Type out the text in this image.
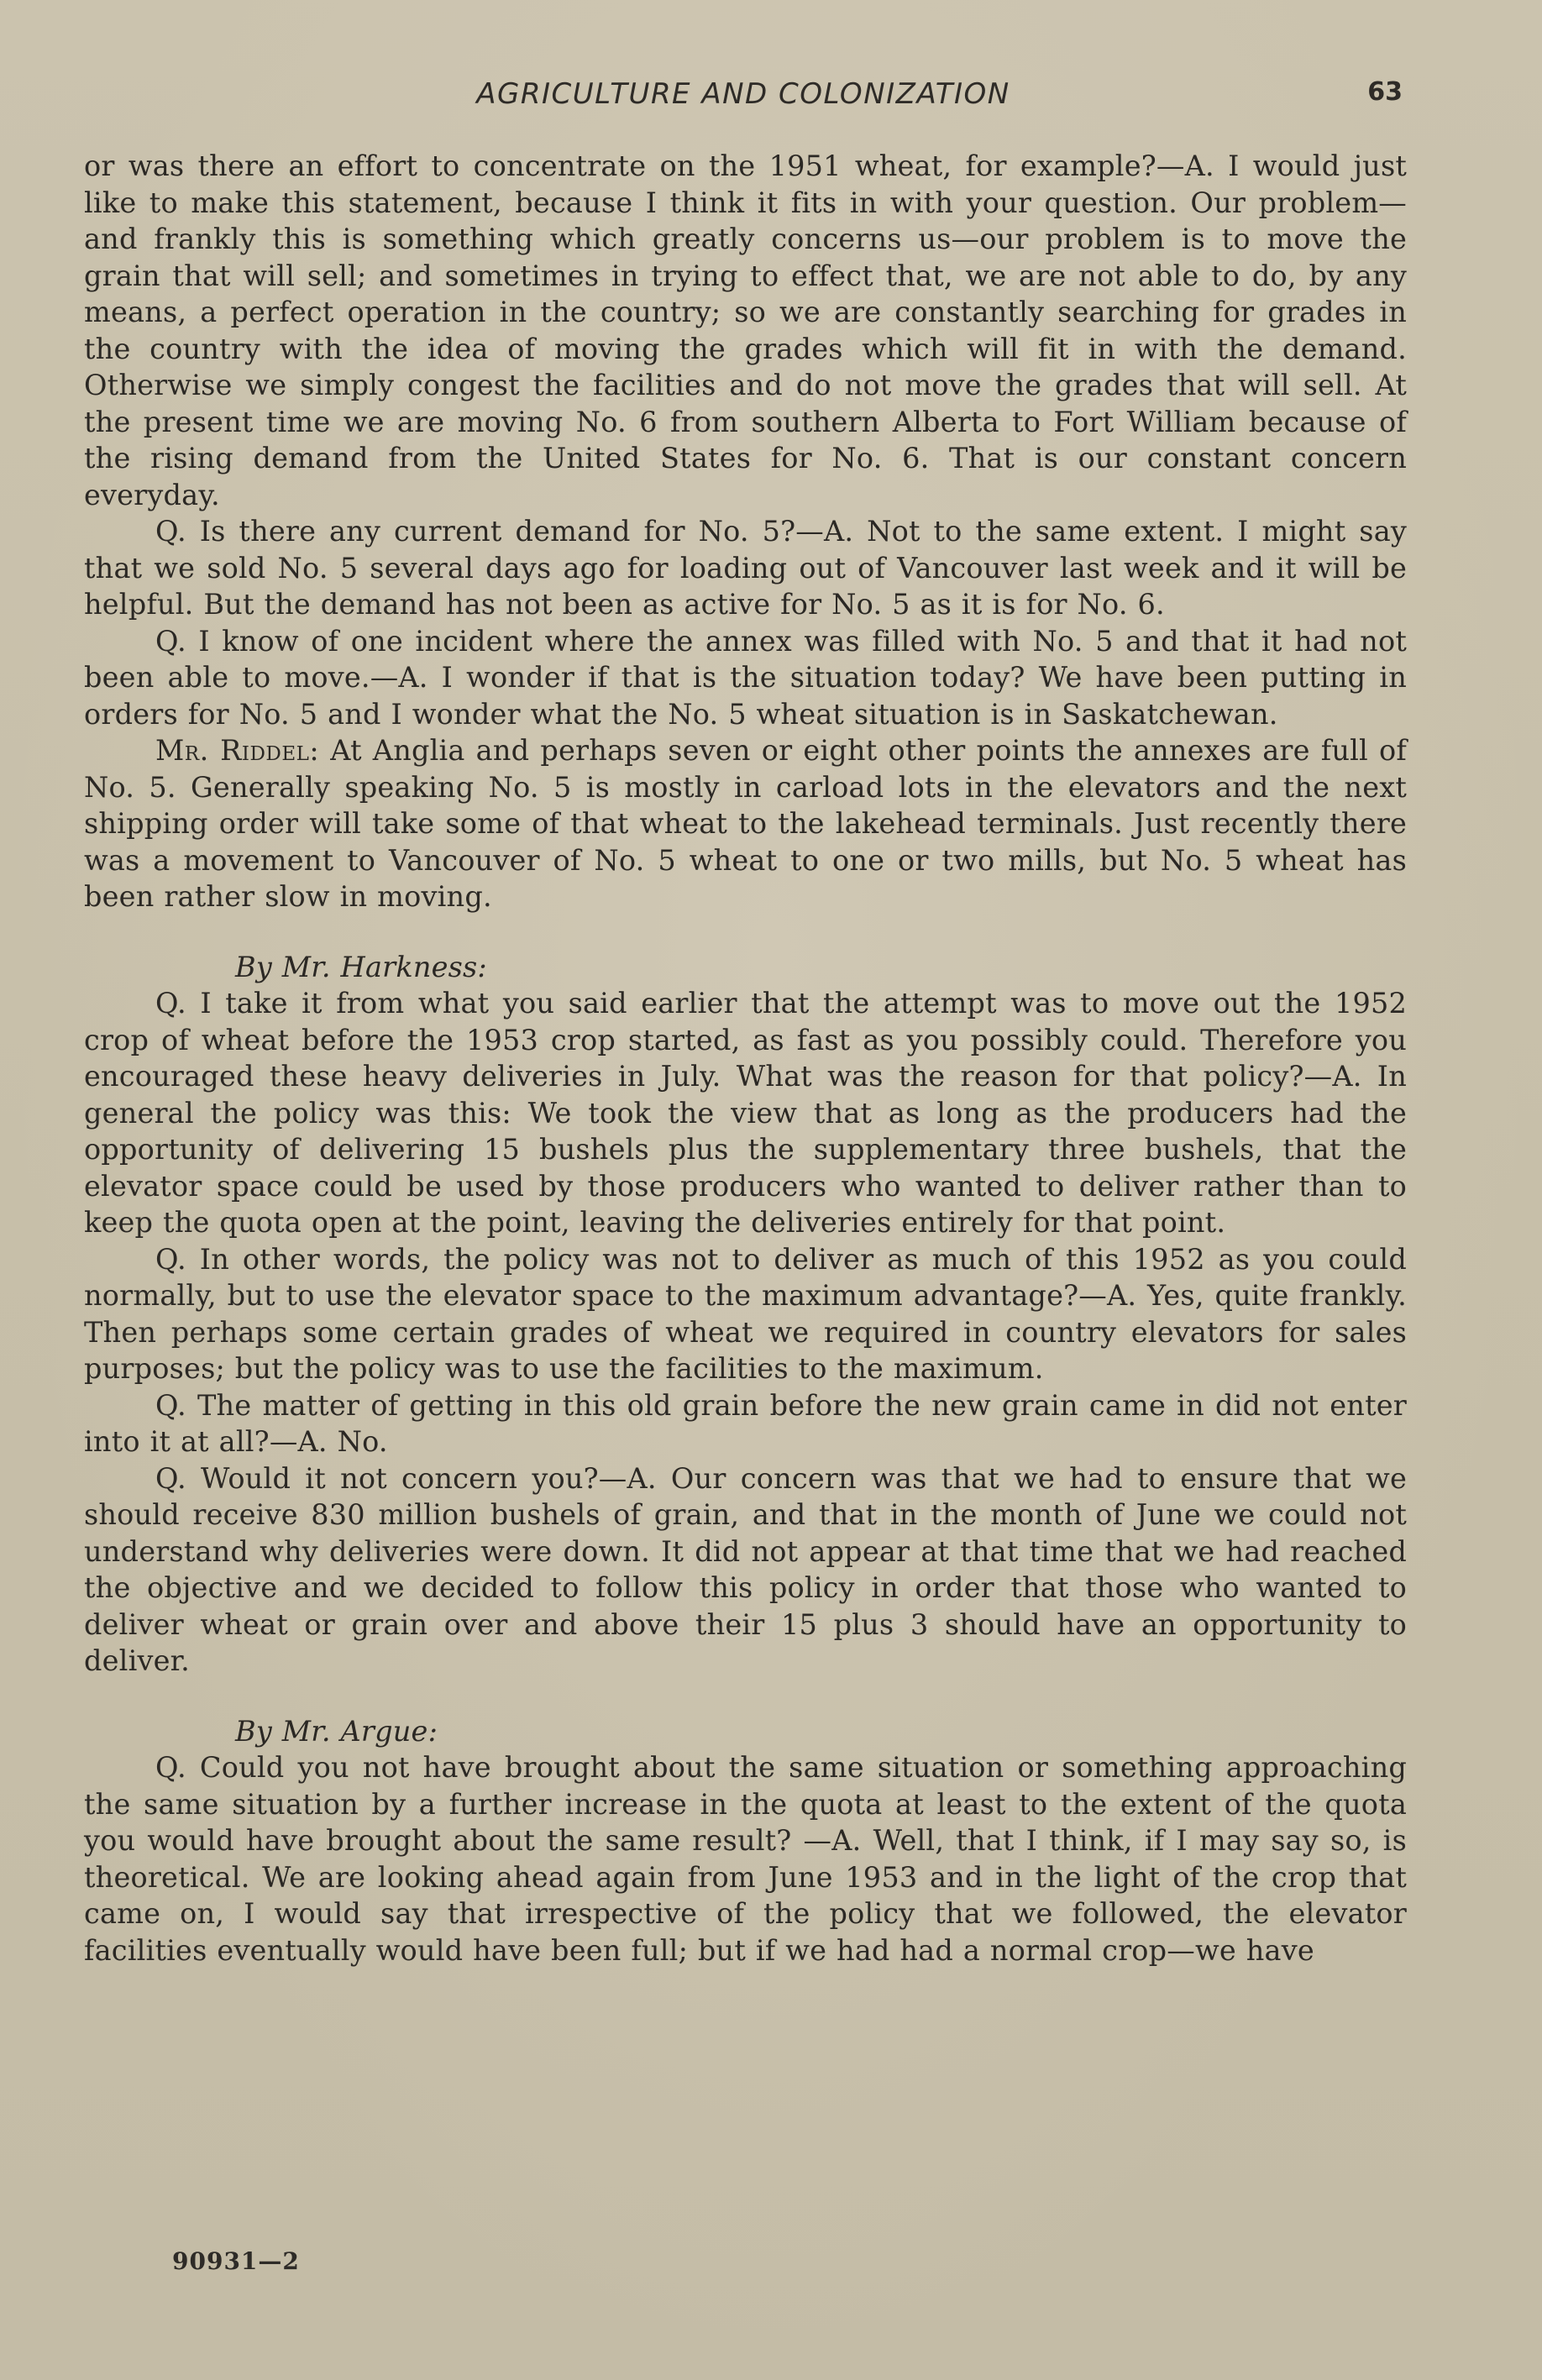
AGRICULTURE AND COLONIZATION	63

or was there an effort to concentrate on the 1951 wheat, for example?—A. I would just like to make this statement, because I think it fits in with your question. Our problem—and frankly this is something which greatly concerns us—our problem is to move the grain that will sell; and sometimes in trying to effect that, we are not able to do, by any means, a perfect operation in the country; so we are constantly searching for grades in the country with the idea of moving the grades which will fit in with the demand. Otherwise we simply congest the facilities and do not move the grades that will sell. At the present time we are moving No. 6 from southern Alberta to Fort William because of the rising demand from the United States for No. 6. That is our constant concern everyday.

Q. Is there any current demand for No. 5?—A. Not to the same extent. I might say that we sold No. 5 several days ago for loading out of Vancouver last week and it will be helpful. But the demand has not been as active for No. 5 as it is for No. 6.

Q. I know of one incident where the annex was filled with No. 5 and that it had not been able to move.—A. I wonder if that is the situation today? We have been putting in orders for No. 5 and I wonder what the No. 5 wheat situation is in Saskatchewan.

Mr. Riddel: At Anglia and perhaps seven or eight other points the annexes are full of No. 5. Generally speaking No. 5 is mostly in carload lots in the elevators and the next shipping order will take some of that wheat to the lakehead terminals. Just recently there was a movement to Vancouver of No. 5 wheat to one or two mills, but No. 5 wheat has been rather slow in moving.

By Mr. Harkness:

Q. I take it from what you said earlier that the attempt was to move out the 1952 crop of wheat before the 1953 crop started, as fast as you possibly could. Therefore you encouraged these heavy deliveries in July. What was the reason for that policy?—A. In general the policy was this: We took the view that as long as the producers had the opportunity of delivering 15 bushels plus the supplementary three bushels, that the elevator space could be used by those producers who wanted to deliver rather than to keep the quota open at the point, leaving the deliveries entirely for that point.

Q. In other words, the policy was not to deliver as much of this 1952 as you could normally, but to use the elevator space to the maximum advantage?—A. Yes, quite frankly. Then perhaps some certain grades of wheat we required in country elevators for sales purposes; but the policy was to use the facilities to the maximum.

Q. The matter of getting in this old grain before the new grain came in did not enter into it at all?—A. No.

Q. Would it not concern you?—A. Our concern was that we had to ensure that we should receive 830 million bushels of grain, and that in the month of June we could not understand why deliveries were down. It did not appear at that time that we had reached the objective and we decided to follow this policy in order that those who wanted to deliver wheat or grain over and above their 15 plus 3 should have an opportunity to deliver.

By Mr. Argue:

Q. Could you not have brought about the same situation or something approaching the same situation by a further increase in the quota at least to the extent of the quota you would have brought about the same result? —A. Well, that I think, if I may say so, is theoretical. We are looking ahead again from June 1953 and in the light of the crop that came on, I would say that irrespective of the policy that we followed, the elevator facilities eventually would have been full; but if we had had a normal crop—we have

90931—2
